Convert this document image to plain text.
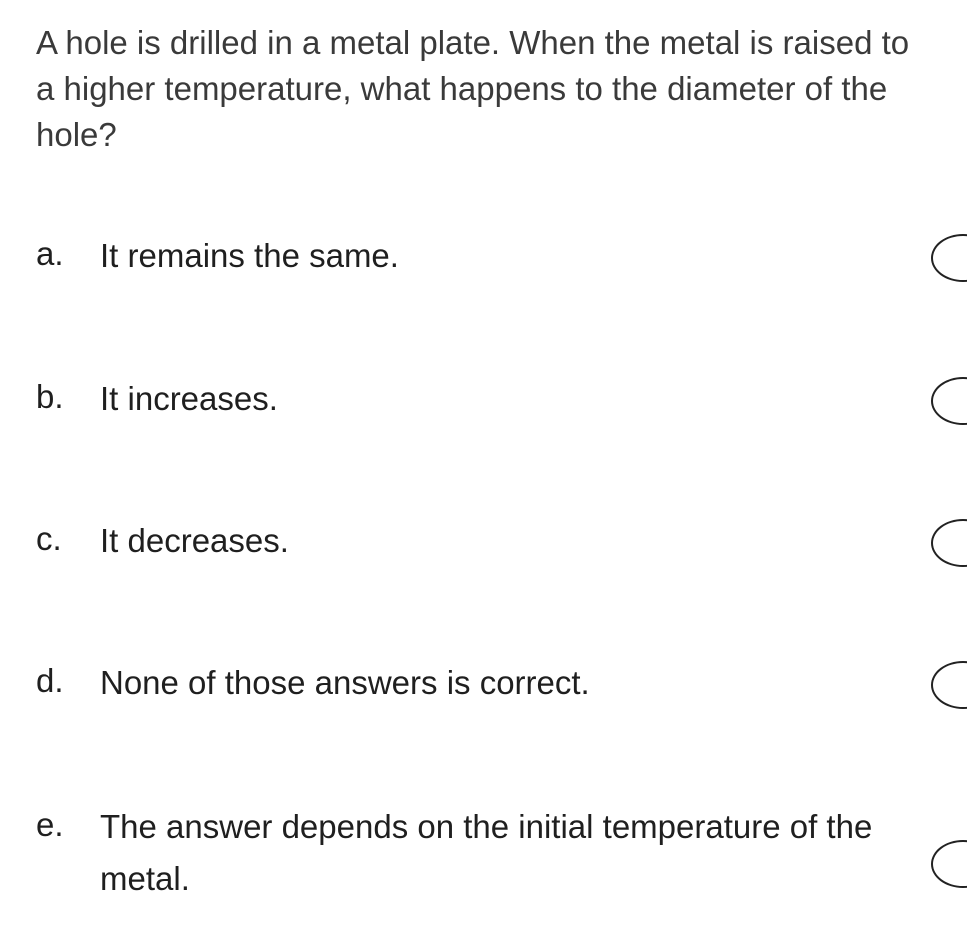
A hole is drilled in a metal plate. When the metal is raised to a higher temperature, what happens to the diameter of the hole?

a. It remains the same.
b. It increases.
c. It decreases.
d. None of those answers is correct.
e. The answer depends on the initial temperature of the metal.
